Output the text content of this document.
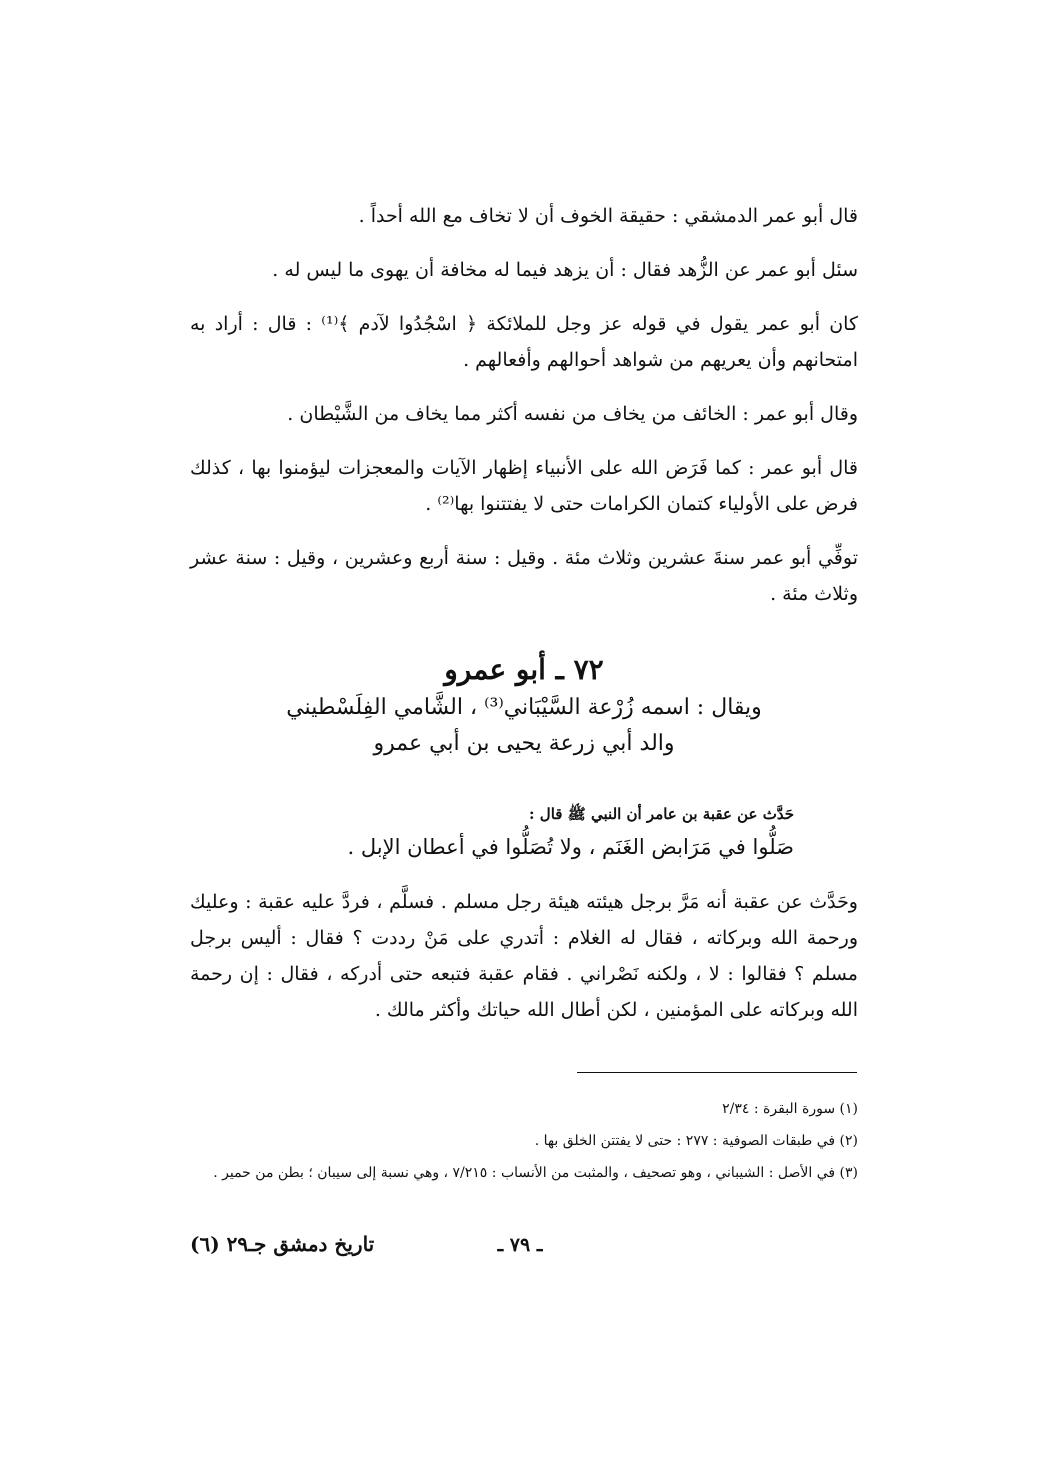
قال أبو عمر الدمشقي : حقيقة الخوف أن لا تخاف مع الله أحداً .
سئل أبو عمر عن الزُّهد فقال : أن يزهد فيما له مخافة أن يهوى ما ليس له .
كان أبو عمر يقول في قوله عز وجل للملائكة ﴿ اسْجُدُوا لآدم ﴾⁽¹⁾ : قال : أراد به امتحانهم وأن يعريهم من شواهد أحوالهم وأفعالهم .
وقال أبو عمر : الخائف من يخاف من نفسه أكثر مما يخاف من الشَّيْطان .
قال أبو عمر : كما فَرَض الله على الأنبياء إظهار الآيات والمعجزات ليؤمنوا بها ، كذلك فرض على الأولياء كتمان الكرامات حتى لا يفتتنوا بها⁽²⁾ .
توفِّي أبو عمر سنةَ عشرين وثلاث مئة . وقيل : سنة أربع وعشرين ، وقيل : سنة عشر وثلاث مئة .
٧٢ ـ أبو عمرو
ويقال : اسمه زُرْعة السَّيْبَاني⁽³⁾ ، الشَّامي الفِلَسْطيني
والد أبي زرعة يحيى بن أبي عمرو
حَدَّث عن عقبة بن عامر أن النبي ﷺ قال :
صَلُّوا في مَرَابض الغَنَم ، ولا تُصَلُّوا في أعطان الإبل .
وحَدَّث عن عقبة أنه مَرَّ برجل هيئته هيئة رجل مسلم . فسلَّم ، فردَّ عليه عقبة : وعليك ورحمة الله وبركاته ، فقال له الغلام : أتدري على مَنْ رددت ؟ فقال : أليس برجل مسلم ؟ فقالوا : لا ، ولكنه نَصْراني . فقام عقبة فتبعه حتى أدركه ، فقال : إن رحمة الله وبركاته على المؤمنين ، لكن أطال الله حياتك وأكثر مالك .
(١) سورة البقرة : ٢/٣٤
(٢) في طبقات الصوفية : ٢٧٧ : حتى لا يفتتن الخلق بها .
(٣) في الأصل : الشيباني ، وهو تصحيف ، والمثبت من الأنساب : ٧/٢١٥ ، وهي نسبة إلى سيبان ؛ بطن من حمير .
ـ ٧٩ ـ
تاريخ دمشق جـ٢٩ (٦)
